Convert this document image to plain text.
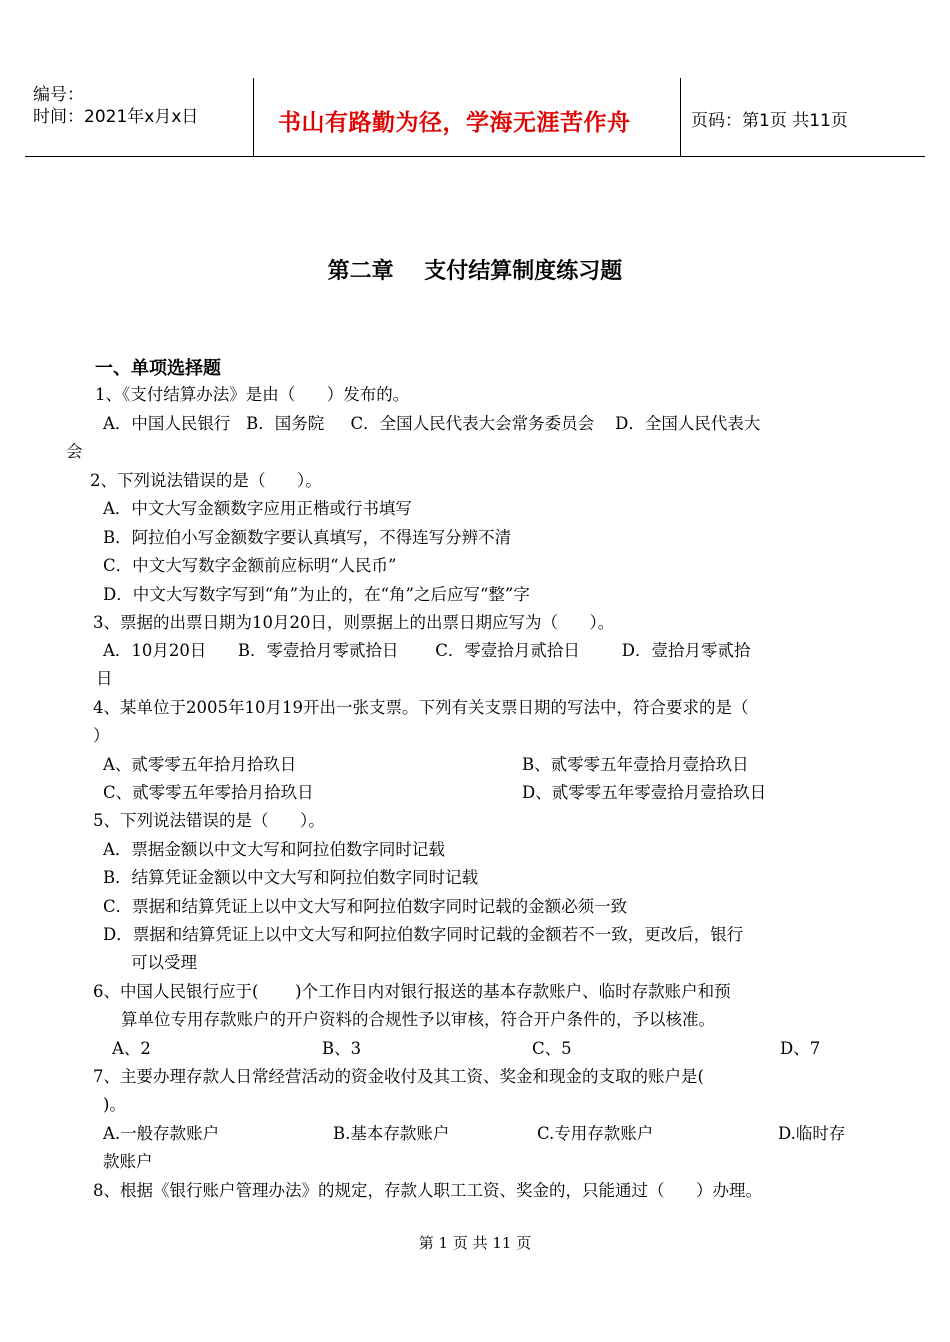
编号：
时间：2021年x月x日	书山有路勤为径，学海无涯苦作舟	页码：第1页 共11页
第二章    支付结算制度练习题
一、单项选择题
1、《支付结算办法》是由（      ）发布的。
A．中国人民银行   B．国务院     C．全国人民代表大会常务委员会    D．全国人民代表大
会
2、下列说法错误的是（      ）。
A．中文大写金额数字应用正楷或行书填写
B．阿拉伯小写金额数字要认真填写，不得连写分辨不清
C．中文大写数字金额前应标明“人民币”
D．中文大写数字写到“角”为止的，在“角”之后应写“整”字
3、票据的出票日期为10月20日，则票据上的出票日期应写为（      ）。
A．10月20日      B．零壹拾月零贰拾日       C．零壹拾月贰拾日        D．壹拾月零贰拾
日
4、某单位于2005年10月19开出一张支票。下列有关支票日期的写法中，符合要求的是（
）
A、贰零零五年拾月拾玖日	B、贰零零五年壹拾月壹拾玖日
C、贰零零五年零拾月拾玖日	D、贰零零五年零壹拾月壹拾玖日
5、下列说法错误的是（      ）。
A．票据金额以中文大写和阿拉伯数字同时记载
B．结算凭证金额以中文大写和阿拉伯数字同时记载
C．票据和结算凭证上以中文大写和阿拉伯数字同时记载的金额必须一致
D．票据和结算凭证上以中文大写和阿拉伯数字同时记载的金额若不一致，更改后，银行
可以受理
6、中国人民银行应于(       )个工作日内对银行报送的基本存款账户、临时存款账户和预
算单位专用存款账户的开户资料的合规性予以审核，符合开户条件的，予以核准。
A、2	B、3	C、5	D、7
7、主要办理存款人日常经营活动的资金收付及其工资、奖金和现金的支取的账户是(
)。
A.一般存款账户	B.基本存款账户	C.专用存款账户	D.临时存
款账户
8、根据《银行账户管理办法》的规定，存款人职工工资、奖金的，只能通过（      ）办理。
第 1 页 共 11 页
